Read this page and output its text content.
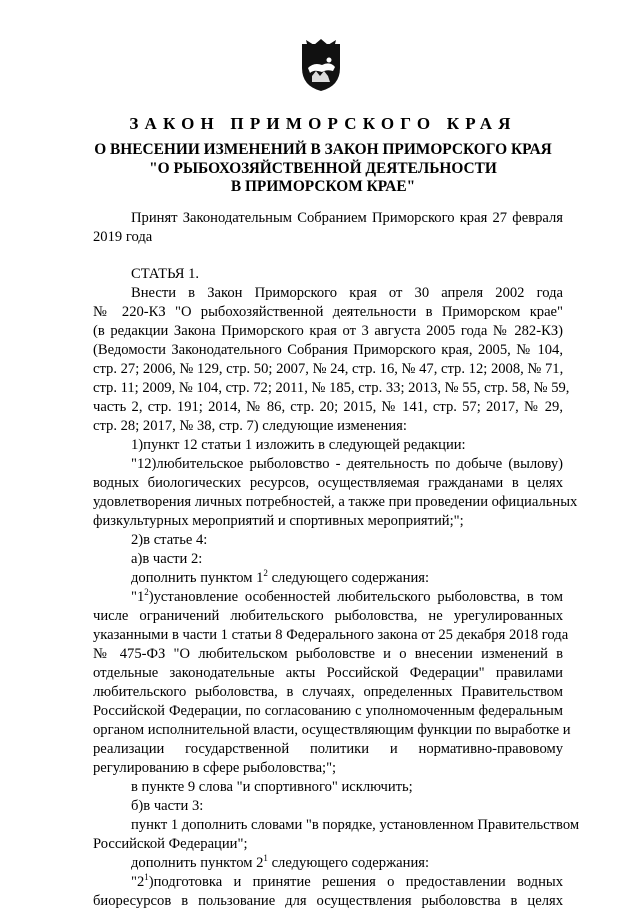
ЗАКОН ПРИМОРСКОГО КРАЯ
О ВНЕСЕНИИ ИЗМЕНЕНИЙ В ЗАКОН ПРИМОРСКОГО КРАЯ
"О РЫБОХОЗЯЙСТВЕННОЙ ДЕЯТЕЛЬНОСТИ
В ПРИМОРСКОМ КРАЕ"
Принят Законодательным Собранием Приморского края 27 февраля
2019 года
СТАТЬЯ 1.
Внести в Закон Приморского края от 30 апреля 2002 года
№ 220-КЗ "О рыбохозяйственной деятельности в Приморском крае"
(в редакции Закона Приморского края от 3 августа 2005 года № 282-КЗ)
(Ведомости Законодательного Собрания Приморского края, 2005, № 104,
стр. 27; 2006, № 129, стр. 50; 2007, № 24, стр. 16, № 47, стр. 12; 2008, № 71,
стр. 11; 2009, № 104, стр. 72; 2011, № 185, стр. 33; 2013, № 55, стр. 58, № 59,
часть 2, стр. 191; 2014, № 86, стр. 20; 2015, № 141, стр. 57; 2017, № 29,
стр. 28; 2017, № 38, стр. 7) следующие изменения:
1)пункт 12 статьи 1 изложить в следующей редакции:
"12)любительское рыболовство - деятельность по добыче (вылову)
водных биологических ресурсов, осуществляемая гражданами в целях
удовлетворения личных потребностей, а также при проведении официальных
физкультурных мероприятий и спортивных мероприятий;";
2)в статье 4:
а)в части 2:
дополнить пунктом $1^2$ следующего содержания:
"$1^2)установление$ особенностей любительского рыболовства, в том
числе ограничений любительского рыболовства, не урегулированных
указанными в части 1 статьи 8 Федерального закона от 25 декабря 2018 года
№ 475-ФЗ "О любительском рыболовстве и о внесении изменений в
отдельные законодательные акты Российской Федерации" правилами
любительского рыболовства, в случаях, определенных Правительством
Российской Федерации, по согласованию с уполномоченным федеральным
органом исполнительной власти, осуществляющим функции по выработке и
реализации государственной политики и нормативно-правовому
регулированию в сфере рыболовства;";
в пункте 9 слова "и спортивного" исключить;
б)в части 3:
пункт 1 дополнить словами "в порядке, установленном Правительством
Российской Федерации";
дополнить пунктом $2^1$ следующего содержания:
"$2^1)подготовка$ и принятие решения о предоставлении водных
биоресурсов в пользование для осуществления рыболовства в целях
